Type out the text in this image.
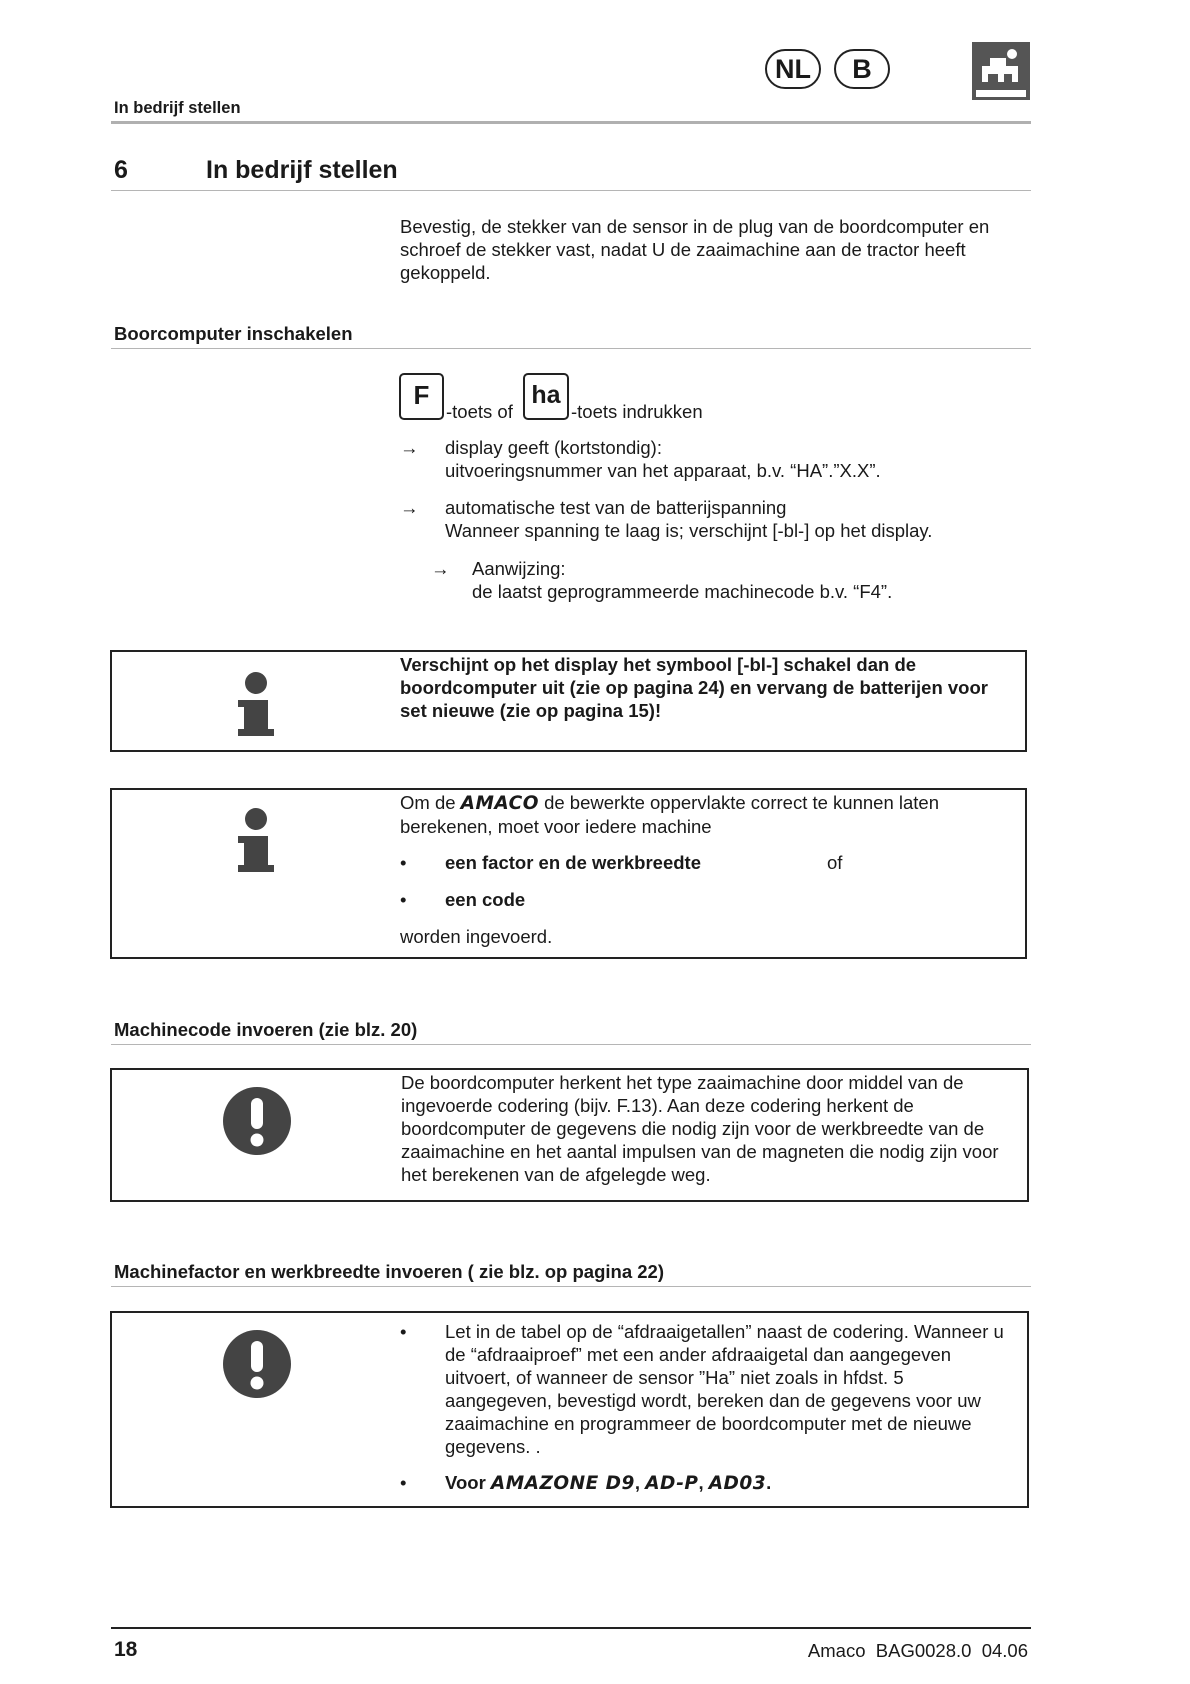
NL	B
In bedrijf stellen
6	In bedrijf stellen
Bevestig, de stekker van de sensor in de plug van de boordcomputer en schroef de stekker vast, nadat U de zaaimachine aan de tractor heeft gekoppeld.
Boorcomputer inschakelen
F
-toets of
ha
-toets indrukken
→ display geeft (kortstondig):
uitvoeringsnummer van het apparaat, b.v. “HA”.”X.X”.
→ automatische test van de batterijspanning
Wanneer spanning te laag is; verschijnt [-bl-] op het display.
→ Aanwijzing:
de laatst geprogrammeerde machinecode b.v. “F4”.
Verschijnt op het display het symbool [-bl-] schakel dan de boordcomputer uit (zie op pagina 24) en vervang de batterijen voor set nieuwe (zie op pagina 15)!
Om de AMACO de bewerkte oppervlakte correct te kunnen laten berekenen, moet voor iedere machine
• een factor en de werkbreedte	of
• een code
worden ingevoerd.
Machinecode invoeren (zie blz. 20)
De boordcomputer herkent het type zaaimachine door middel van de ingevoerde codering (bijv. F.13). Aan deze codering herkent de boordcomputer de gegevens die nodig zijn voor de werkbreedte van de zaaimachine en het aantal impulsen van de magneten die nodig zijn voor het berekenen van de afgelegde weg.
Machinefactor en werkbreedte invoeren ( zie blz. op pagina 22)
• Let in de tabel op de “afdraaigetallen” naast de codering. Wanneer u de “afdraaiproef” met een ander afdraaigetal dan aangegeven uitvoert, of wanneer de sensor ”Ha” niet zoals in hfdst. 5 aangegeven, bevestigd wordt, bereken dan de gegevens voor uw zaaimachine en programmeer de boordcomputer met de nieuwe gegevens. .
• Voor AMAZONE D9, AD-P, AD03.
18	Amaco  BAG0028.0  04.06
